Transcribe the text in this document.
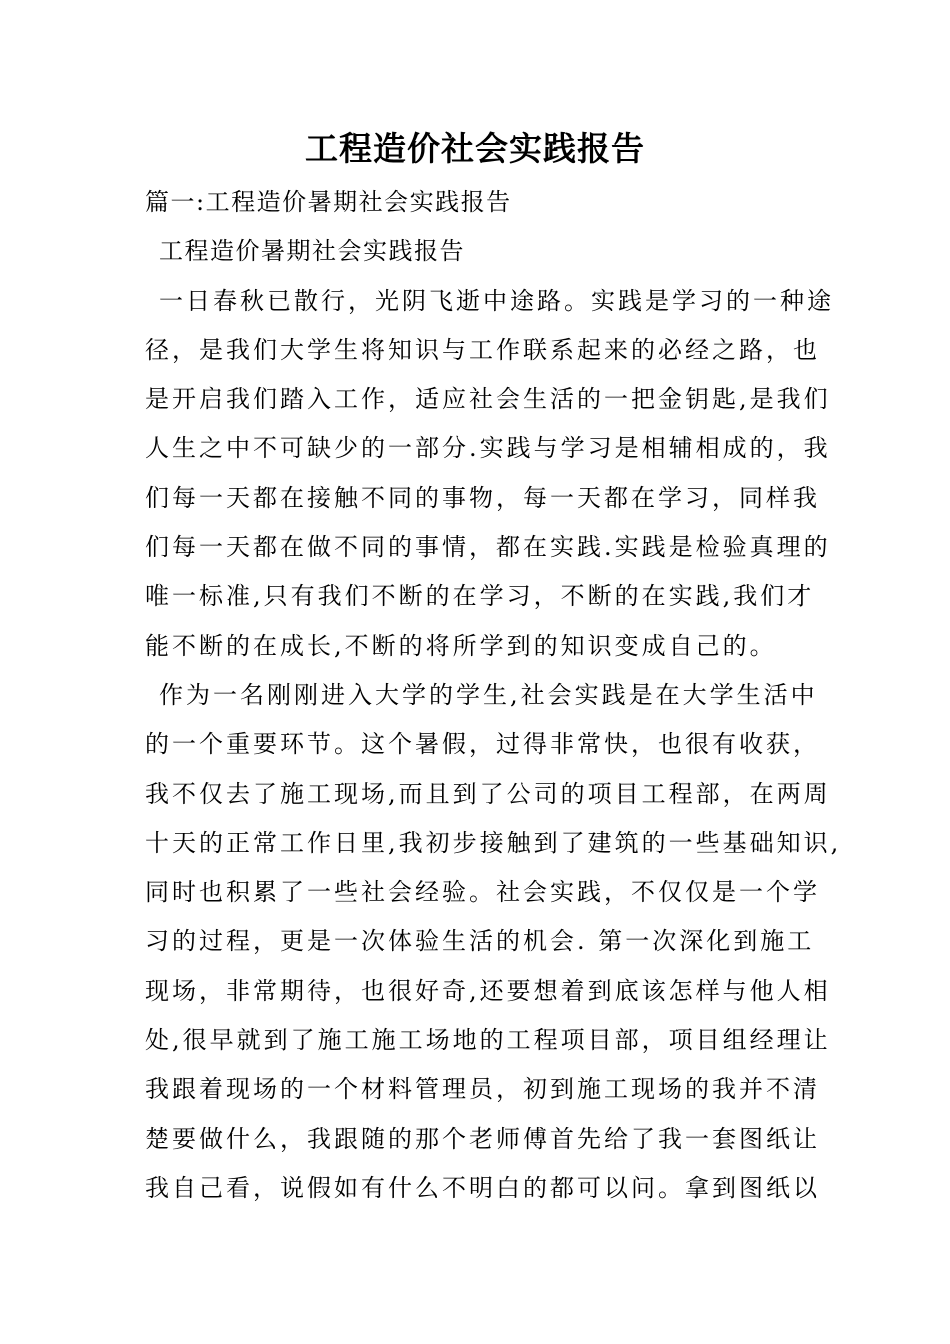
工程造价社会实践报告
篇一:工程造价暑期社会实践报告
工程造价暑期社会实践报告
一日春秋已散行，光阴飞逝中途路。实践是学习的一种途
径，是我们大学生将知识与工作联系起来的必经之路，也
是开启我们踏入工作，适应社会生活的一把金钥匙,是我们
人生之中不可缺少的一部分.实践与学习是相辅相成的，我
们每一天都在接触不同的事物，每一天都在学习，同样我
们每一天都在做不同的事情，都在实践.实践是检验真理的
唯一标准,只有我们不断的在学习，不断的在实践,我们才
能不断的在成长,不断的将所学到的知识变成自己的。
作为一名刚刚进入大学的学生,社会实践是在大学生活中
的一个重要环节。这个暑假，过得非常快，也很有收获，
我不仅去了施工现场,而且到了公司的项目工程部，在两周
十天的正常工作日里,我初步接触到了建筑的一些基础知识,
同时也积累了一些社会经验。社会实践，不仅仅是一个学
习的过程，更是一次体验生活的机会. 第一次深化到施工
现场，非常期待，也很好奇,还要想着到底该怎样与他人相
处,很早就到了施工施工场地的工程项目部，项目组经理让
我跟着现场的一个材料管理员，初到施工现场的我并不清
楚要做什么，我跟随的那个老师傅首先给了我一套图纸让
我自己看，说假如有什么不明白的都可以问。拿到图纸以
